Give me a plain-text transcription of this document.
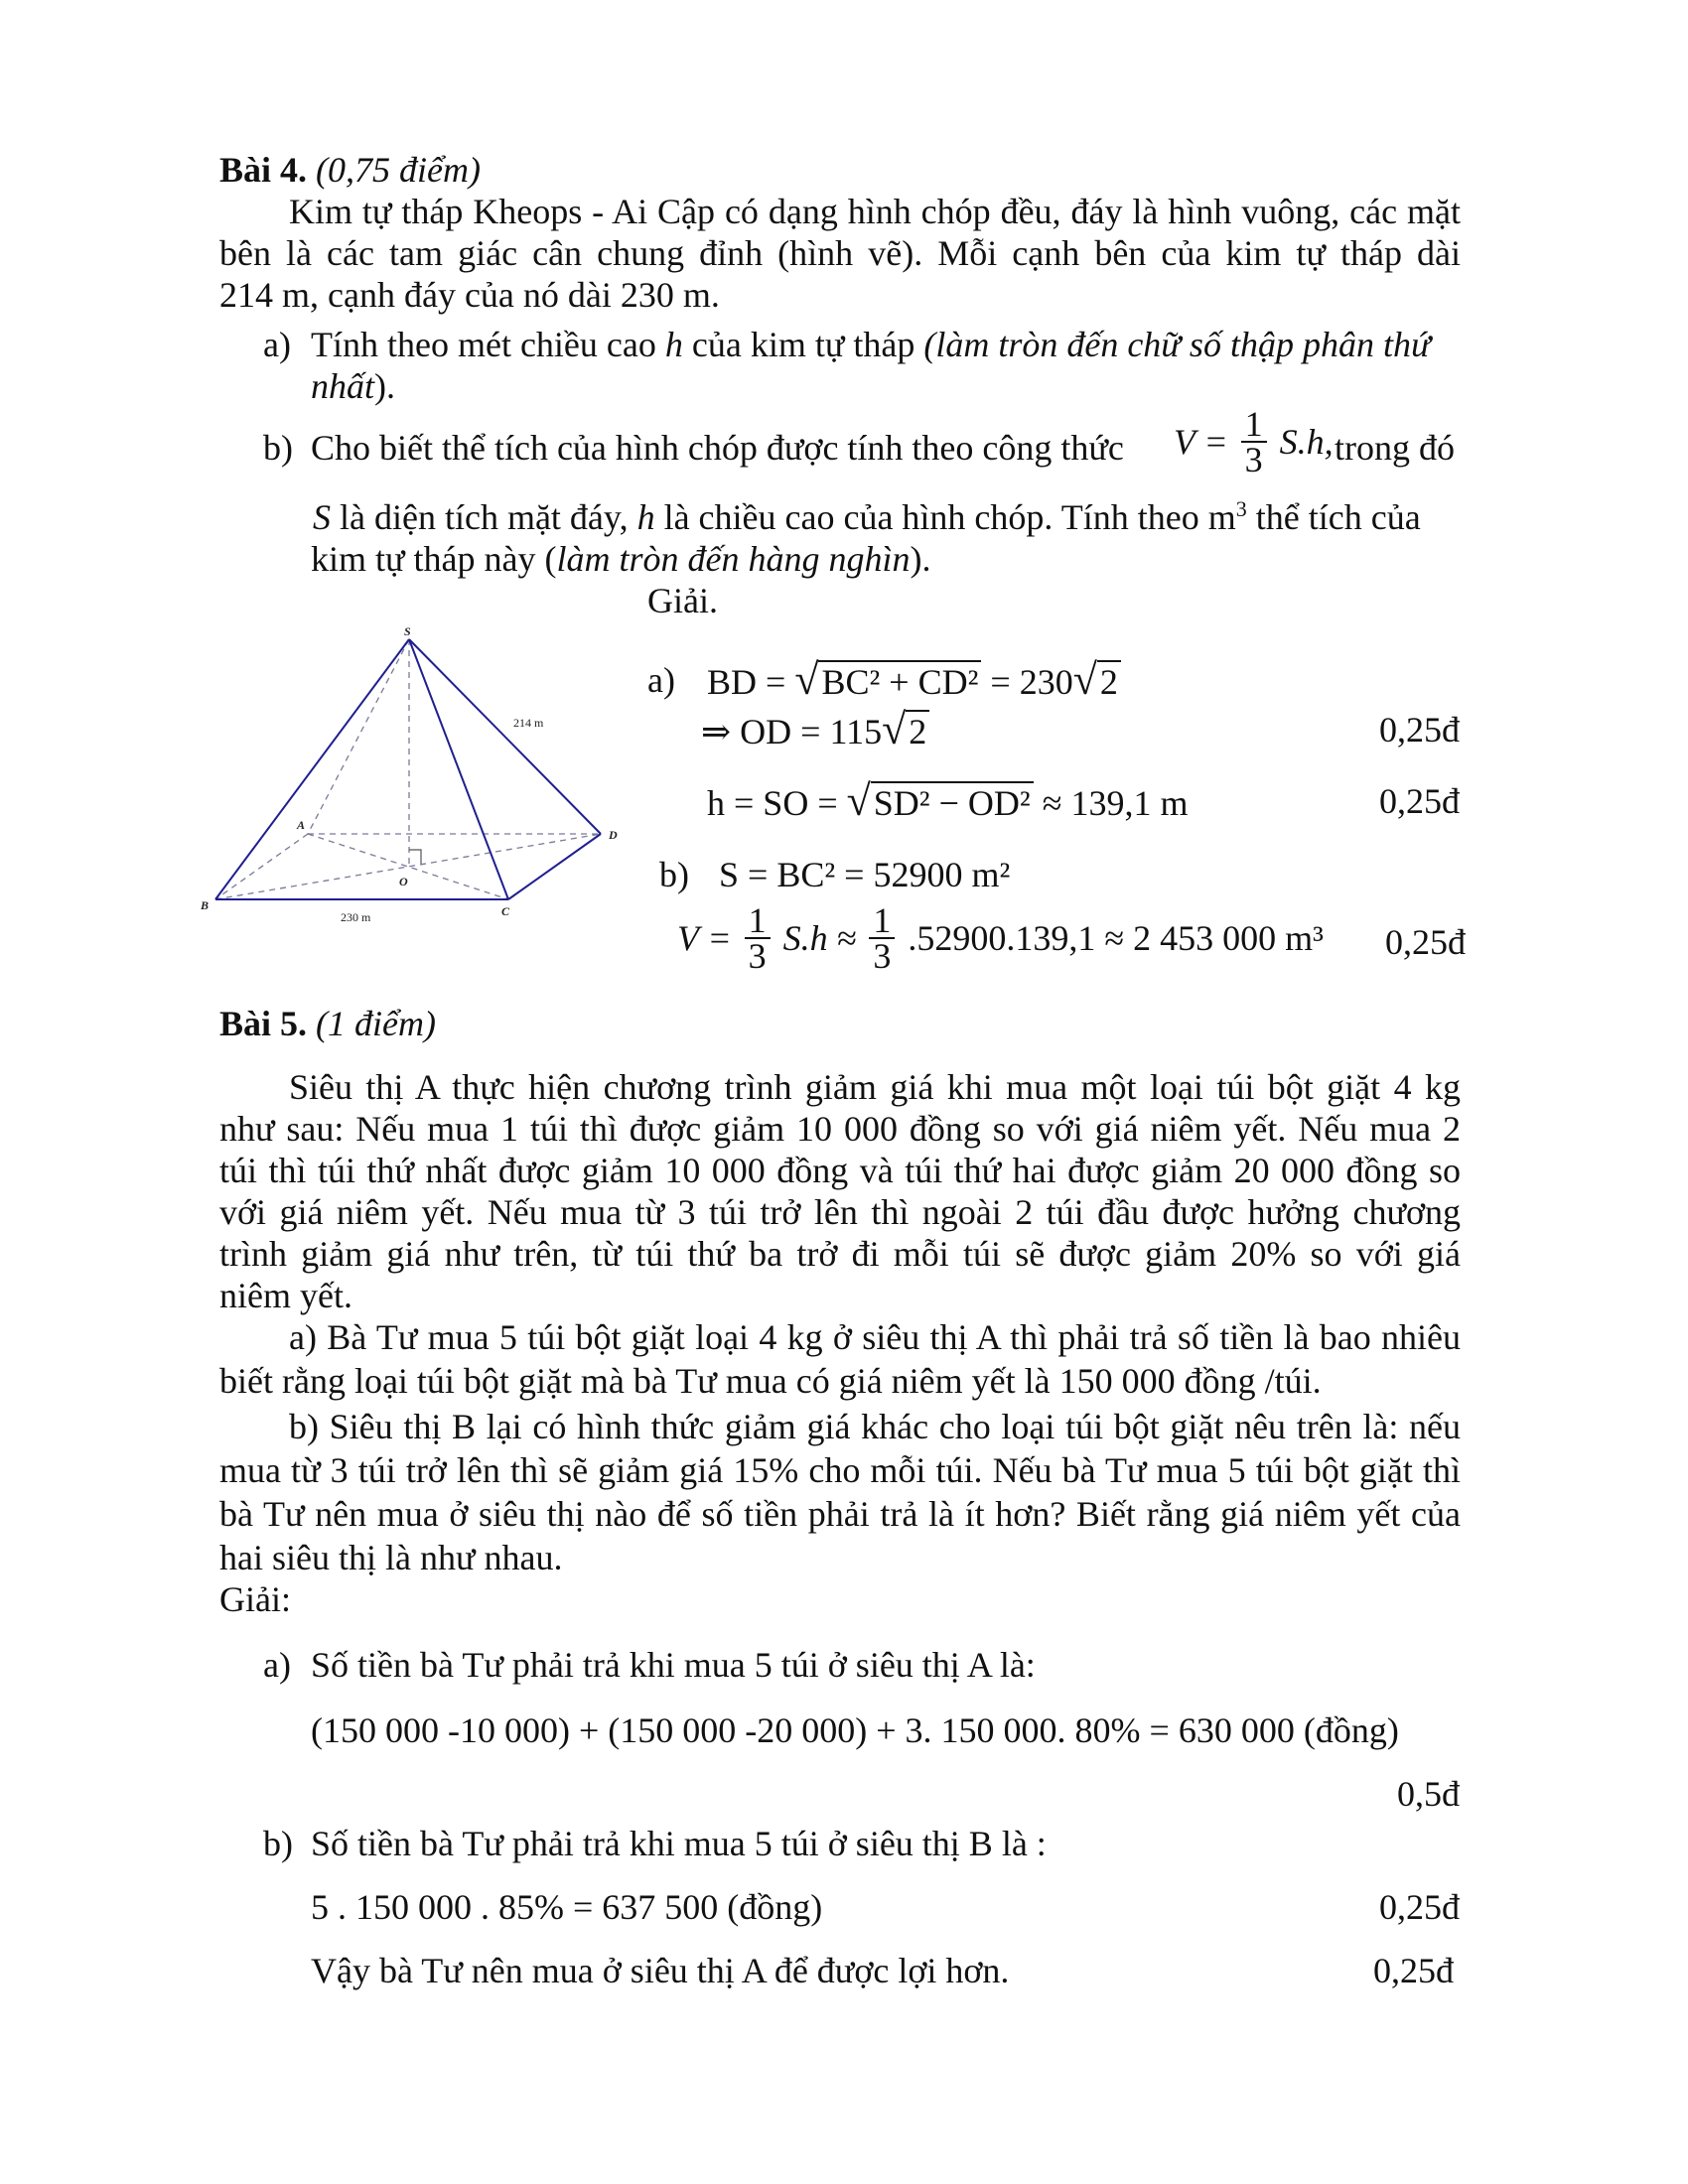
Bài 4. (0,75 điểm)
Kim tự tháp Kheops - Ai Cập có dạng hình chóp đều, đáy là hình vuông, các mặt
bên là các tam giác cân chung đỉnh (hình vẽ). Mỗi cạnh bên của kim tự tháp dài
214 m, cạnh đáy của nó dài 230 m.
a) Tính theo mét chiều cao h của kim tự tháp (làm tròn đến chữ số thập phân thứ
nhất).
b) Cho biết thể tích của hình chóp được tính theo công thức $V = \frac{1}{3} S.h$, trong đó
S là diện tích mặt đáy, h là chiều cao của hình chóp. Tính theo $m^3$ thể tích của
kim tự tháp này (làm tròn đến hàng nghìn).
Giải.
S
A
B	C
D
O
214 m
230 m
a) BD = √BC² + CD² = 230√2
⇒ OD = 115√2	0,25đ
h = SO = √SD² − OD² ≈ 139,1 m	0,25đ
b) S = BC² = 52900 m²
$V = \frac{1}{3} S.h \approx \frac{1}{3} .52900.139,1 \approx 2$ 453 000 m³ 0,25đ
Bài 5. (1 điểm)
Siêu thị A thực hiện chương trình giảm giá khi mua một loại túi bột giặt 4 kg
như sau: Nếu mua 1 túi thì được giảm 10 000 đồng so với giá niêm yết. Nếu mua 2
túi thì túi thứ nhất được giảm 10 000 đồng và túi thứ hai được giảm 20 000 đồng so
với giá niêm yết. Nếu mua từ 3 túi trở lên thì ngoài 2 túi đầu được hưởng chương
trình giảm giá như trên, từ túi thứ ba trở đi mỗi túi sẽ được giảm 20% so với giá
niêm yết.
a) Bà Tư mua 5 túi bột giặt loại 4 kg ở siêu thị A thì phải trả số tiền là bao nhiêu
biết rằng loại túi bột giặt mà bà Tư mua có giá niêm yết là 150 000 đồng /túi.
b) Siêu thị B lại có hình thức giảm giá khác cho loại túi bột giặt nêu trên là: nếu
mua từ 3 túi trở lên thì sẽ giảm giá 15% cho mỗi túi. Nếu bà Tư mua 5 túi bột giặt thì
bà Tư nên mua ở siêu thị nào để số tiền phải trả là ít hơn? Biết rằng giá niêm yết của
hai siêu thị là như nhau.
Giải:
a) Số tiền bà Tư phải trả khi mua 5 túi ở siêu thị A là:
(150 000 -10 000) + (150 000 -20 000) + 3. 150 000. 80% = 630 000 (đồng)
0,5đ
b) Số tiền bà Tư phải trả khi mua 5 túi ở siêu thị B là :
5 . 150 000 . 85% = 637 500 (đồng)	0,25đ
Vậy bà Tư nên mua ở siêu thị A để được lợi hơn.	0,25đ
